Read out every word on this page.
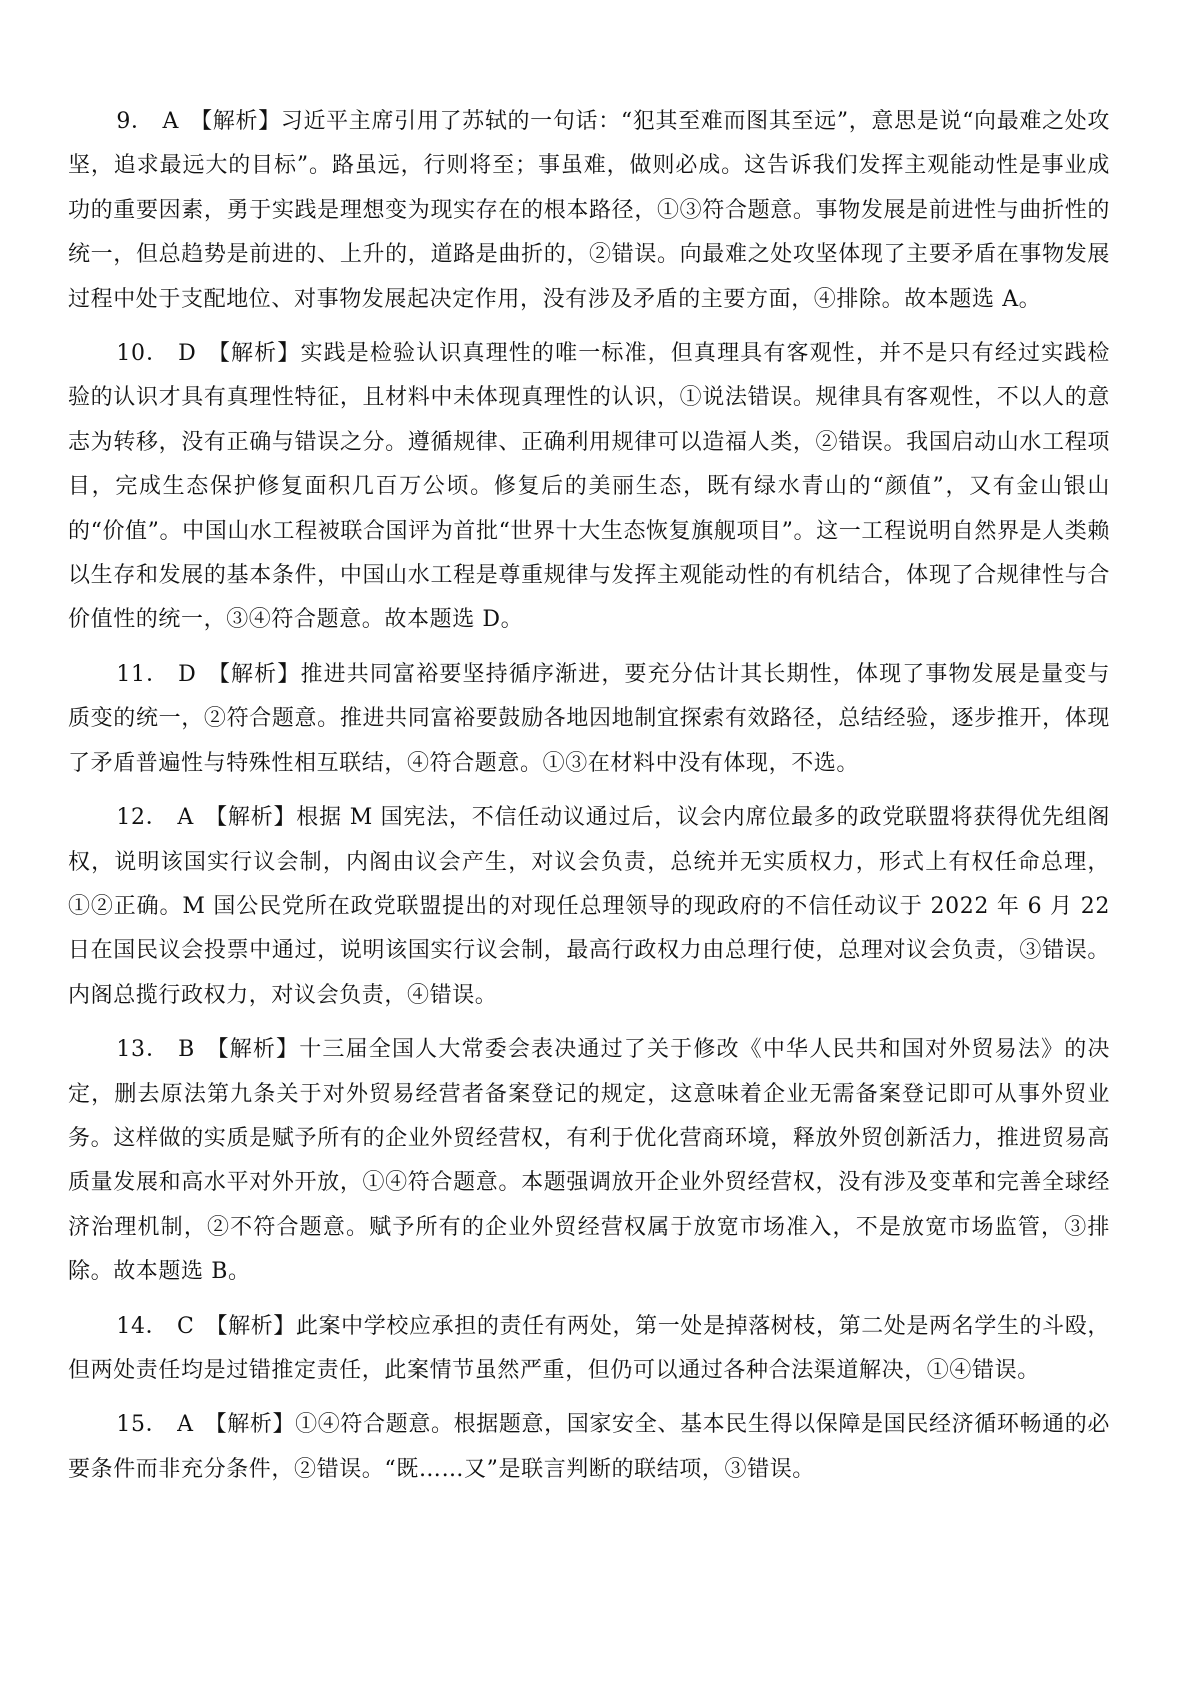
9． A 【解析】习近平主席引用了苏轼的一句话：“犯其至难而图其至远”，意思是说“向最难之处攻坚，追求最远大的目标”。路虽远，行则将至；事虽难，做则必成。这告诉我们发挥主观能动性是事业成功的重要因素，勇于实践是理想变为现实存在的根本路径，①③符合题意。事物发展是前进性与曲折性的统一，但总趋势是前进的、上升的，道路是曲折的，②错误。向最难之处攻坚体现了主要矛盾在事物发展过程中处于支配地位、对事物发展起决定作用，没有涉及矛盾的主要方面，④排除。故本题选 A。

10． D 【解析】实践是检验认识真理性的唯一标准，但真理具有客观性，并不是只有经过实践检验的认识才具有真理性特征，且材料中未体现真理性的认识，①说法错误。规律具有客观性，不以人的意志为转移，没有正确与错误之分。遵循规律、正确利用规律可以造福人类，②错误。我国启动山水工程项目，完成生态保护修复面积几百万公顷。修复后的美丽生态，既有绿水青山的“颜值”，又有金山银山的“价值”。中国山水工程被联合国评为首批“世界十大生态恢复旗舰项目”。这一工程说明自然界是人类赖以生存和发展的基本条件，中国山水工程是尊重规律与发挥主观能动性的有机结合，体现了合规律性与合价值性的统一，③④符合题意。故本题选 D。

11． D 【解析】推进共同富裕要坚持循序渐进，要充分估计其长期性，体现了事物发展是量变与质变的统一，②符合题意。推进共同富裕要鼓励各地因地制宜探索有效路径，总结经验，逐步推开，体现了矛盾普遍性与特殊性相互联结，④符合题意。①③在材料中没有体现，不选。

12． A 【解析】根据 M 国宪法，不信任动议通过后，议会内席位最多的政党联盟将获得优先组阁权，说明该国实行议会制，内阁由议会产生，对议会负责，总统并无实质权力，形式上有权任命总理，①②正确。M 国公民党所在政党联盟提出的对现任总理领导的现政府的不信任动议于 2022 年 6 月 22 日在国民议会投票中通过，说明该国实行议会制，最高行政权力由总理行使，总理对议会负责，③错误。内阁总揽行政权力，对议会负责，④错误。

13． B 【解析】十三届全国人大常委会表决通过了关于修改《中华人民共和国对外贸易法》的决定，删去原法第九条关于对外贸易经营者备案登记的规定，这意味着企业无需备案登记即可从事外贸业务。这样做的实质是赋予所有的企业外贸经营权，有利于优化营商环境，释放外贸创新活力，推进贸易高质量发展和高水平对外开放，①④符合题意。本题强调放开企业外贸经营权，没有涉及变革和完善全球经济治理机制，②不符合题意。赋予所有的企业外贸经营权属于放宽市场准入，不是放宽市场监管，③排除。故本题选 B。

14． C 【解析】此案中学校应承担的责任有两处，第一处是掉落树枝，第二处是两名学生的斗殴，但两处责任均是过错推定责任，此案情节虽然严重，但仍可以通过各种合法渠道解决，①④错误。

15． A 【解析】①④符合题意。根据题意，国家安全、基本民生得以保障是国民经济循环畅通的必要条件而非充分条件，②错误。“既……又”是联言判断的联结项，③错误。
